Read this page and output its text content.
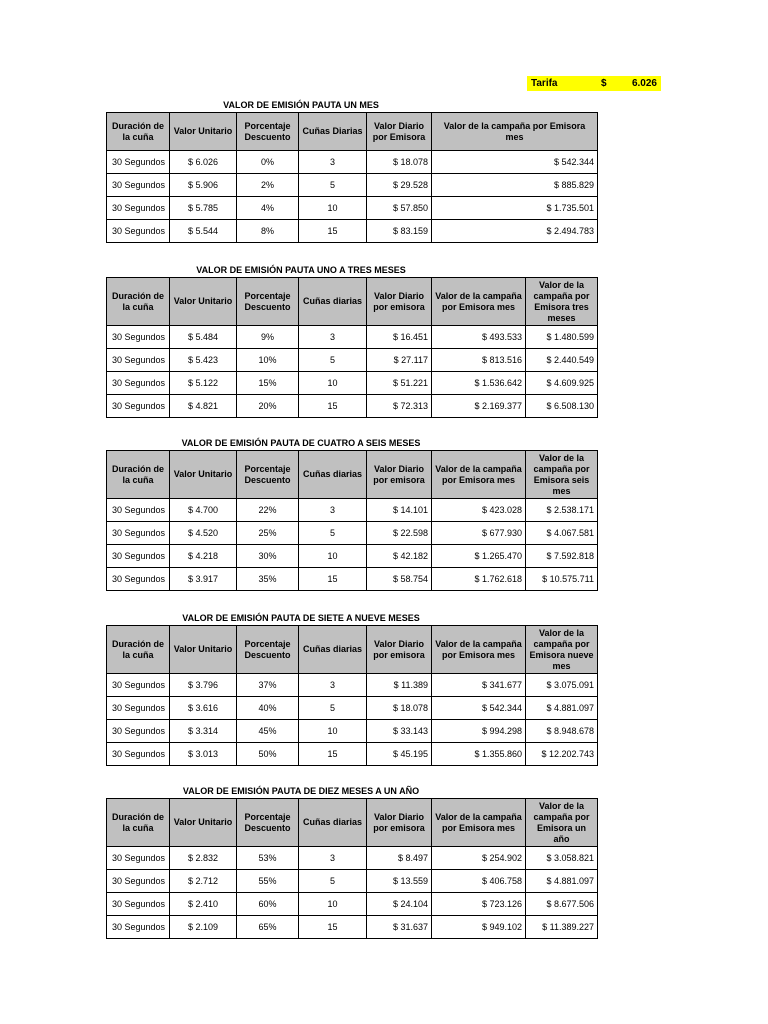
Tarifa	$	6.026
VALOR DE EMISIÓN PAUTA UN MES
Duración de la cuña	Valor Unitario	Porcentaje Descuento	Cuñas Diarias	Valor Diario por Emisora	Valor de la campaña por Emisora mes
30 Segundos	$ 6.026	0%	3	$ 18.078	$ 542.344
30 Segundos	$ 5.906	2%	5	$ 29.528	$ 885.829
30 Segundos	$ 5.785	4%	10	$ 57.850	$ 1.735.501
30 Segundos	$ 5.544	8%	15	$ 83.159	$ 2.494.783
VALOR DE EMISIÓN PAUTA UNO A TRES MESES
Duración de la cuña	Valor Unitario	Porcentaje Descuento	Cuñas diarias	Valor Diario por emisora	Valor de la campaña por Emisora mes	Valor de la campaña por Emisora tres meses
30 Segundos	$ 5.484	9%	3	$ 16.451	$ 493.533	$ 1.480.599
30 Segundos	$ 5.423	10%	5	$ 27.117	$ 813.516	$ 2.440.549
30 Segundos	$ 5.122	15%	10	$ 51.221	$ 1.536.642	$ 4.609.925
30 Segundos	$ 4.821	20%	15	$ 72.313	$ 2.169.377	$ 6.508.130
VALOR DE EMISIÓN PAUTA DE CUATRO A SEIS MESES
Duración de la cuña	Valor Unitario	Porcentaje Descuento	Cuñas diarias	Valor Diario por emisora	Valor de la campaña por Emisora mes	Valor de la campaña por Emisora seis mes
30 Segundos	$ 4.700	22%	3	$ 14.101	$ 423.028	$ 2.538.171
30 Segundos	$ 4.520	25%	5	$ 22.598	$ 677.930	$ 4.067.581
30 Segundos	$ 4.218	30%	10	$ 42.182	$ 1.265.470	$ 7.592.818
30 Segundos	$ 3.917	35%	15	$ 58.754	$ 1.762.618	$ 10.575.711
VALOR DE EMISIÓN PAUTA DE SIETE A NUEVE MESES
Duración de la cuña	Valor Unitario	Porcentaje Descuento	Cuñas diarias	Valor Diario por emisora	Valor de la campaña por Emisora mes	Valor de la campaña por Emisora nueve mes
30 Segundos	$ 3.796	37%	3	$ 11.389	$ 341.677	$ 3.075.091
30 Segundos	$ 3.616	40%	5	$ 18.078	$ 542.344	$ 4.881.097
30 Segundos	$ 3.314	45%	10	$ 33.143	$ 994.298	$ 8.948.678
30 Segundos	$ 3.013	50%	15	$ 45.195	$ 1.355.860	$ 12.202.743
VALOR DE EMISIÓN PAUTA DE DIEZ MESES A UN AÑO
Duración de la cuña	Valor Unitario	Porcentaje Descuento	Cuñas diarias	Valor Diario por emisora	Valor de la campaña por Emisora mes	Valor de la campaña por Emisora un año
30 Segundos	$ 2.832	53%	3	$ 8.497	$ 254.902	$ 3.058.821
30 Segundos	$ 2.712	55%	5	$ 13.559	$ 406.758	$ 4.881.097
30 Segundos	$ 2.410	60%	10	$ 24.104	$ 723.126	$ 8.677.506
30 Segundos	$ 2.109	65%	15	$ 31.637	$ 949.102	$ 11.389.227
